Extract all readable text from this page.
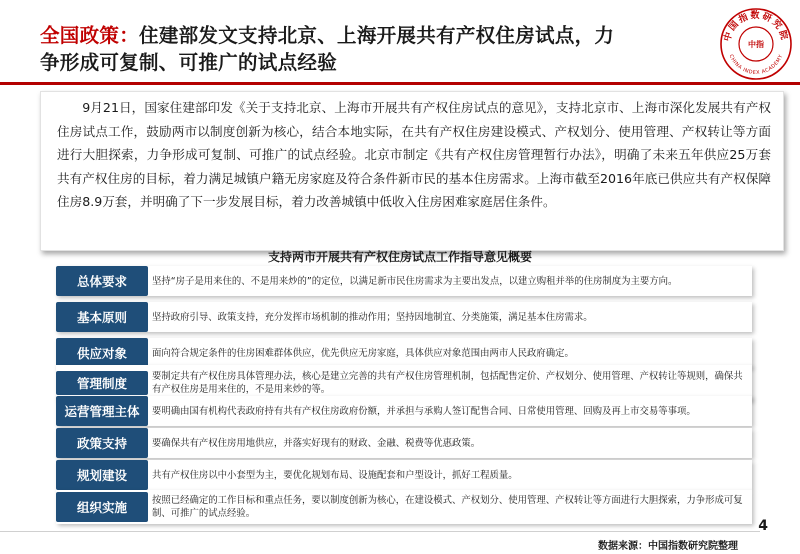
全国政策：住建部发文支持北京、上海开展共有产权住房试点，力
争形成可复制、可推广的试点经验
中国指数研究院
CHINA INDEX ACADEMY
中指

9月21日，国家住建部印发《关于支持北京、上海市开展共有产权住房试点的意见》，支持北京市、上海市深化发展共有产权住房试点工作，鼓励两市以制度创新为核心，结合本地实际，在共有产权住房建设模式、产权划分、使用管理、产权转让等方面进行大胆探索，力争形成可复制、可推广的试点经验。北京市制定《共有产权住房管理暂行办法》，明确了未来五年供应25万套共有产权住房的目标，着力满足城镇户籍无房家庭及符合条件新市民的基本住房需求。上海市截至2016年底已供应共有产权保障住房8.9万套，并明确了下一步发展目标，着力改善城镇中低收入住房困难家庭居住条件。

支持两市开展共有产权住房试点工作指导意见概要
总体要求	坚持“房子是用来住的、不是用来炒的”的定位，以满足新市民住房需求为主要出发点，以建立购租并举的住房制度为主要方向。
基本原则	坚持政府引导、政策支持，充分发挥市场机制的推动作用；坚持因地制宜、分类施策，满足基本住房需求。
供应对象	面向符合规定条件的住房困难群体供应，优先供应无房家庭，具体供应对象范围由两市人民政府确定。
管理制度	要制定共有产权住房具体管理办法，核心是建立完善的共有产权住房管理机制，包括配售定价、产权划分、使用管理、产权转让等规则，确保共有产权住房是用来住的，不是用来炒的等。
运营管理主体	要明确由国有机构代表政府持有共有产权住房政府份额，并承担与承购人签订配售合同、日常使用管理、回购及再上市交易等事项。
政策支持	要确保共有产权住房用地供应，并落实好现有的财政、金融、税费等优惠政策。
规划建设	共有产权住房以中小套型为主，要优化规划布局、设施配套和户型设计，抓好工程质量。
组织实施	按照已经确定的工作目标和重点任务，要以制度创新为核心，在建设模式、产权划分、使用管理、产权转让等方面进行大胆探索，力争形成可复制、可推广的试点经验。
4
数据来源：中国指数研究院整理
